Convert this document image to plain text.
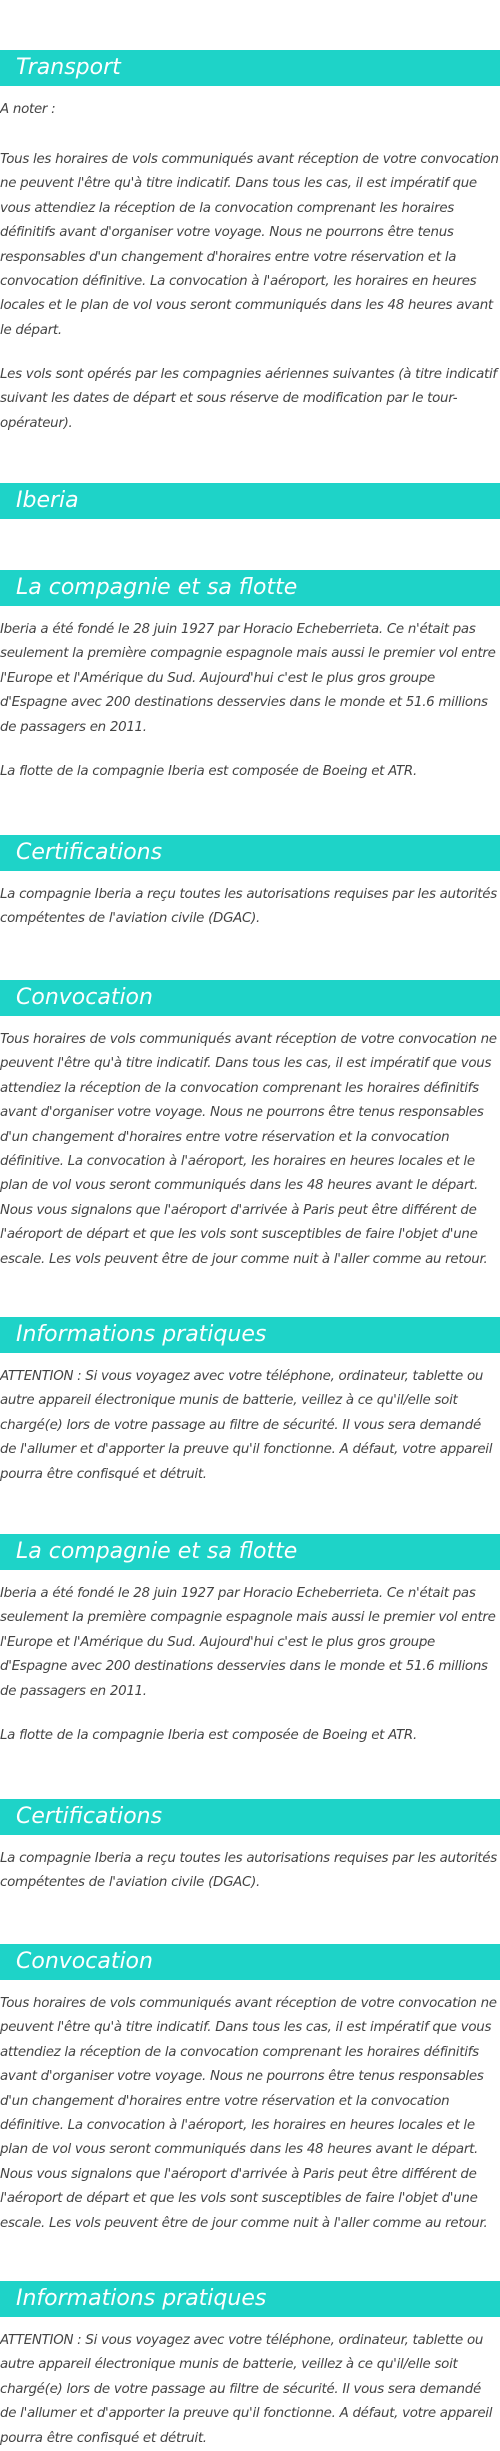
Transport

A noter :

Tous les horaires de vols communiqués avant réception de votre convocation ne peuvent l'être qu'à titre indicatif. Dans tous les cas, il est impératif que vous attendiez la réception de la convocation comprenant les horaires définitifs avant d'organiser votre voyage. Nous ne pourrons être tenus responsables d'un changement d'horaires entre votre réservation et la convocation définitive. La convocation à l'aéroport, les horaires en heures locales et le plan de vol vous seront communiqués dans les 48 heures avant le départ.

Les vols sont opérés par les compagnies aériennes suivantes (à titre indicatif suivant les dates de départ et sous réserve de modification par le tour-opérateur).

Iberia
La compagnie et sa flotte

Iberia a été fondé le 28 juin 1927 par Horacio Echeberrieta. Ce n'était pas seulement la première compagnie espagnole mais aussi le premier vol entre l'Europe et l'Amérique du Sud. Aujourd'hui c'est le plus gros groupe d'Espagne avec 200 destinations desservies dans le monde et 51.6 millions de passagers en 2011.

La flotte de la compagnie Iberia est composée de Boeing et ATR.

Certifications

La compagnie Iberia a reçu toutes les autorisations requises par les autorités compétentes de l'aviation civile (DGAC).

Convocation

Tous horaires de vols communiqués avant réception de votre convocation ne peuvent l'être qu'à titre indicatif. Dans tous les cas, il est impératif que vous attendiez la réception de la convocation comprenant les horaires définitifs avant d'organiser votre voyage. Nous ne pourrons être tenus responsables d'un changement d'horaires entre votre réservation et la convocation définitive. La convocation à l'aéroport, les horaires en heures locales et le plan de vol vous seront communiqués dans les 48 heures avant le départ. Nous vous signalons que l'aéroport d'arrivée à Paris peut être différent de l'aéroport de départ et que les vols sont susceptibles de faire l'objet d'une escale. Les vols peuvent être de jour comme nuit à l'aller comme au retour.

Informations pratiques

ATTENTION : Si vous voyagez avec votre téléphone, ordinateur, tablette ou autre appareil électronique munis de batterie, veillez à ce qu'il/elle soit chargé(e) lors de votre passage au filtre de sécurité. Il vous sera demandé de l'allumer et d'apporter la preuve qu'il fonctionne. A défaut, votre appareil pourra être confisqué et détruit.

La compagnie et sa flotte

Iberia a été fondé le 28 juin 1927 par Horacio Echeberrieta. Ce n'était pas seulement la première compagnie espagnole mais aussi le premier vol entre l'Europe et l'Amérique du Sud. Aujourd'hui c'est le plus gros groupe d'Espagne avec 200 destinations desservies dans le monde et 51.6 millions de passagers en 2011.

La flotte de la compagnie Iberia est composée de Boeing et ATR.

Certifications

La compagnie Iberia a reçu toutes les autorisations requises par les autorités compétentes de l'aviation civile (DGAC).

Convocation

Tous horaires de vols communiqués avant réception de votre convocation ne peuvent l'être qu'à titre indicatif. Dans tous les cas, il est impératif que vous attendiez la réception de la convocation comprenant les horaires définitifs avant d'organiser votre voyage. Nous ne pourrons être tenus responsables d'un changement d'horaires entre votre réservation et la convocation définitive. La convocation à l'aéroport, les horaires en heures locales et le plan de vol vous seront communiqués dans les 48 heures avant le départ. Nous vous signalons que l'aéroport d'arrivée à Paris peut être différent de l'aéroport de départ et que les vols sont susceptibles de faire l'objet d'une escale. Les vols peuvent être de jour comme nuit à l'aller comme au retour.

Informations pratiques

ATTENTION : Si vous voyagez avec votre téléphone, ordinateur, tablette ou autre appareil électronique munis de batterie, veillez à ce qu'il/elle soit chargé(e) lors de votre passage au filtre de sécurité. Il vous sera demandé de l'allumer et d'apporter la preuve qu'il fonctionne. A défaut, votre appareil pourra être confisqué et détruit.
